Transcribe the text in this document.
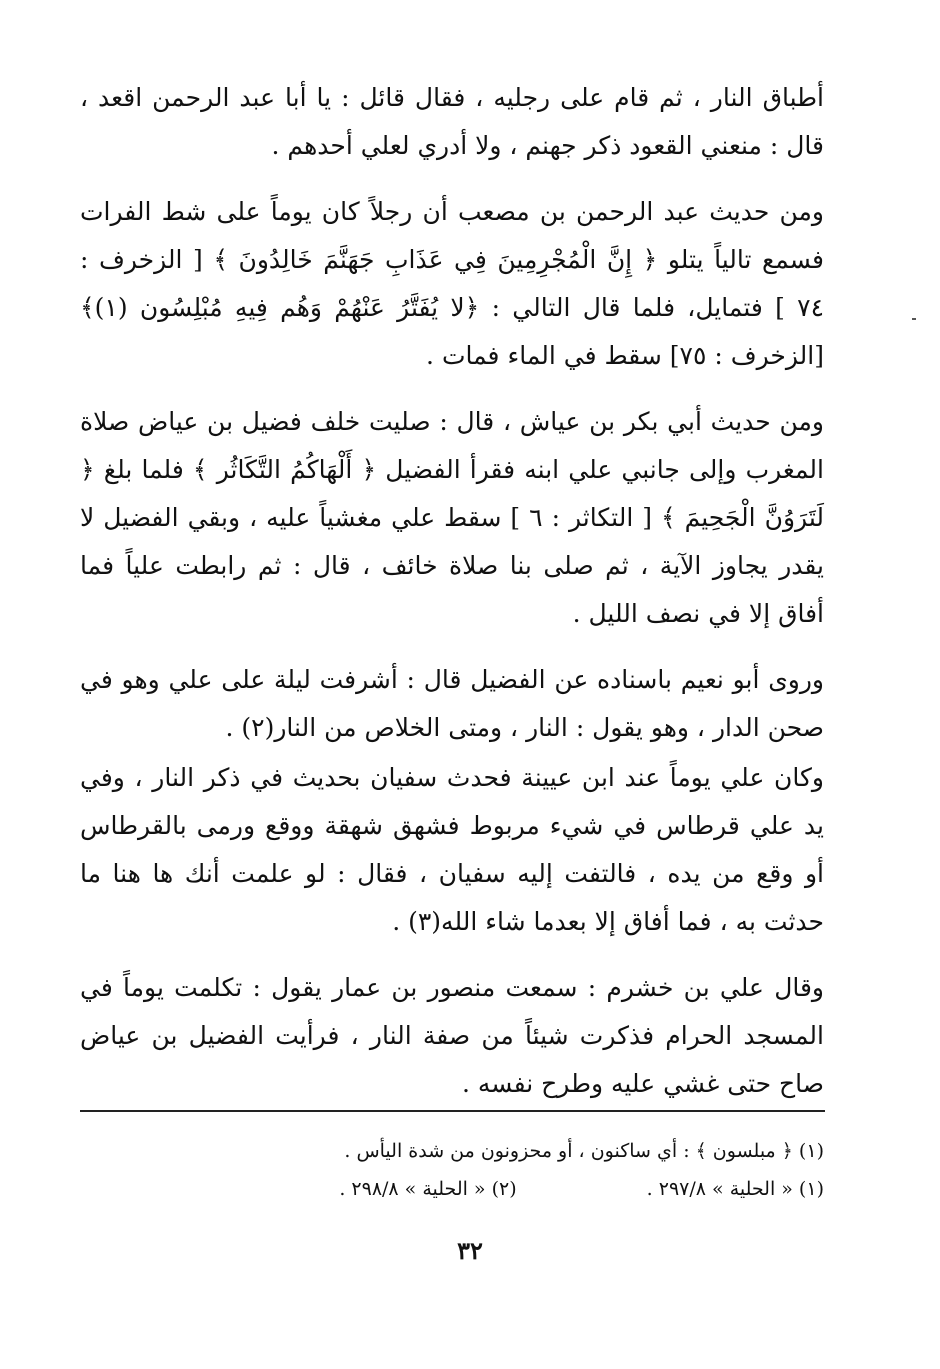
أطباق النار ، ثم قام على رجليه ، فقال قائل : يا أبا عبد الرحمن اقعد ، قال : منعني القعود ذكر جهنم ، ولا أدري لعلي أحدهم .

ومن حديث عبد الرحمن بن مصعب أن رجلاً كان يوماً على شط الفرات فسمع تالياً يتلو ﴿ إِنَّ الْمُجْرِمِينَ فِي عَذَابِ جَهَنَّمَ خَالِدُونَ ﴾ [ الزخرف : ٧٤ ] فتمايل، فلما قال التالي : ﴿لا يُفَتَّرُ عَنْهُمْ وَهُم فِيهِ مُبْلِسُون (١)﴾[الزخرف : ٧٥] سقط في الماء فمات .

ومن حديث أبي بكر بن عياش ، قال : صليت خلف فضيل بن عياض صلاة المغرب وإلى جانبي علي ابنه فقرأ الفضيل ﴿ أَلْهَاكُمُ التَّكَاثُر ﴾ فلما بلغ ﴿ لَتَرَوُنَّ الْجَحِيمَ ﴾ [ التكاثر : ٦ ] سقط علي مغشياً عليه ، وبقي الفضيل لا يقدر يجاوز الآية ، ثم صلى بنا صلاة خائف ، قال : ثم رابطت علياً فما أفاق إلا في نصف الليل .

وروى أبو نعيم باسناده عن الفضيل قال : أشرفت ليلة على علي وهو في صحن الدار ، وهو يقول : النار ، ومتى الخلاص من النار(٢) .

وكان علي يوماً عند ابن عيينة فحدث سفيان بحديث في ذكر النار ، وفي يد علي قرطاس في شيء مربوط فشهق شهقة ووقع ورمى بالقرطاس أو وقع من يده ، فالتفت إليه سفيان ، فقال : لو علمت أنك ها هنا ما حدثت به ، فما أفاق إلا بعدما شاء الله(٣) .

وقال علي بن خشرم : سمعت منصور بن عمار يقول : تكلمت يوماً في المسجد الحرام فذكرت شيئاً من صفة النار ، فرأيت الفضيل بن عياض صاح حتى غشي عليه وطرح نفسه .

(١) ﴿ مبلسون ﴾ : أي ساكنون ، أو محزونون من شدة اليأس .
(١) « الحلية » ٢٩٧/٨ .
(٢) « الحلية » ٢٩٨/٨ .
٣٢
